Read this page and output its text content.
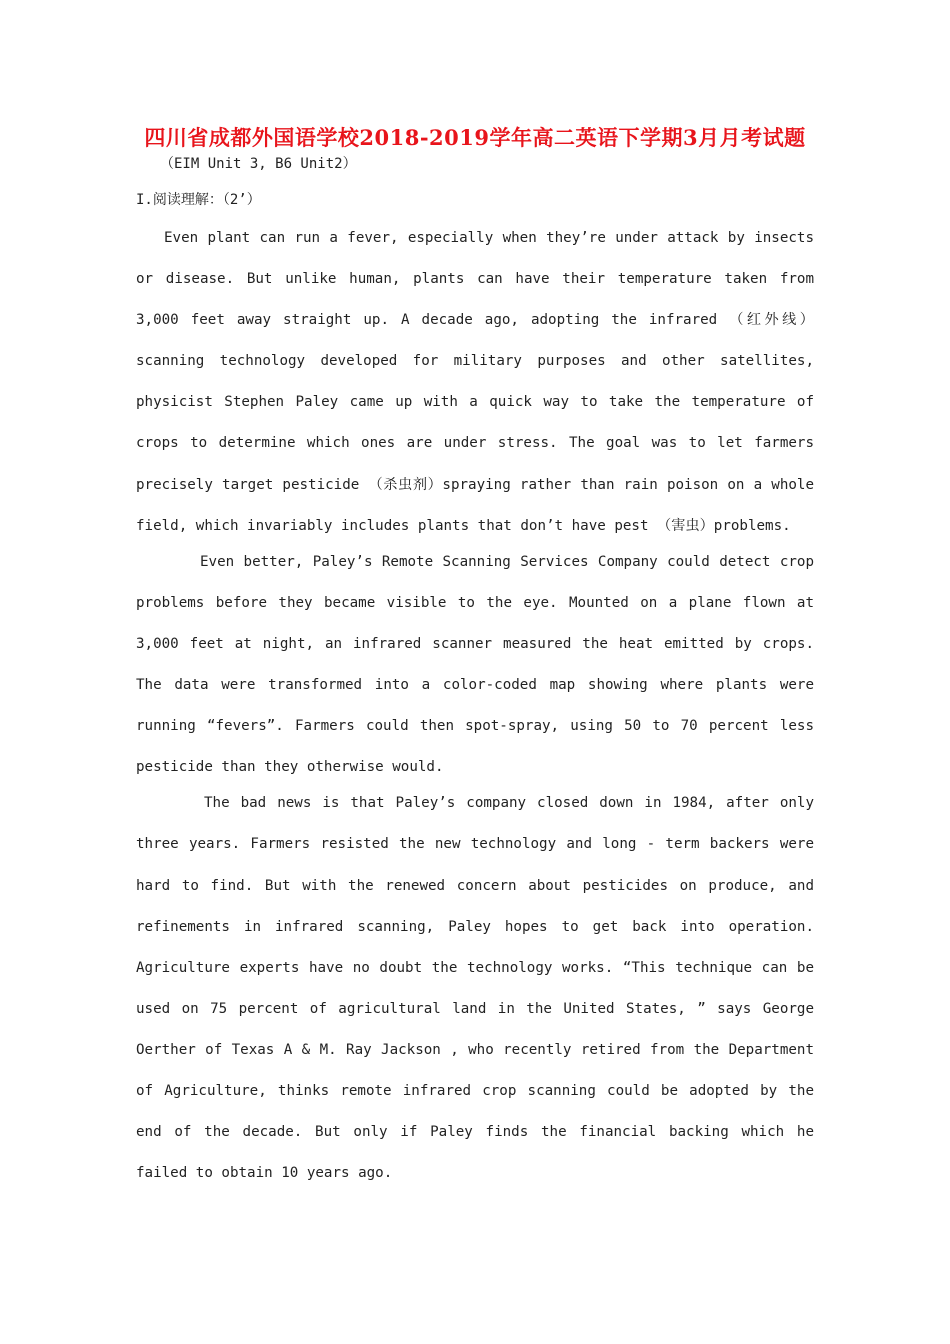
四川省成都外国语学校2018-2019学年高二英语下学期3月月考试题
（EIM Unit 3, B6 Unit2）
I.阅读理解：（2’）

Even plant can run a fever, especially when they’re under attack by insects or disease. But unlike human, plants can have their temperature taken from 3,000 feet away straight up. A decade ago, adopting the infrared （红外线）scanning technology developed for military purposes and other satellites, physicist Stephen Paley came up with a quick way to take the temperature of crops to determine which ones are under stress. The goal was to let farmers precisely target pesticide （杀虫剂）spraying rather than rain poison on a whole field, which invariably includes plants that don’t have pest （害虫）problems.

Even better, Paley’s Remote Scanning Services Company could detect crop problems before they became visible to the eye. Mounted on a plane flown at 3,000 feet at night, an infrared scanner measured the heat emitted by crops. The data were transformed into a color-coded map showing where plants were running “fevers”. Farmers could then spot-spray, using 50 to 70 percent less pesticide than they otherwise would.

The bad news is that Paley’s company closed down in 1984, after only three years. Farmers resisted the new technology and long - term backers were hard to find. But with the renewed concern about pesticides on produce, and refinements in infrared scanning, Paley hopes to get back into operation. Agriculture experts have no doubt the technology works. “This technique can be used on 75 percent of agricultural land in the United States, ” says George Oerther of Texas A & M. Ray Jackson , who recently retired from the Department of Agriculture, thinks remote infrared crop scanning could be adopted by the end of the decade. But only if Paley finds the financial backing which he failed to obtain 10 years ago.
